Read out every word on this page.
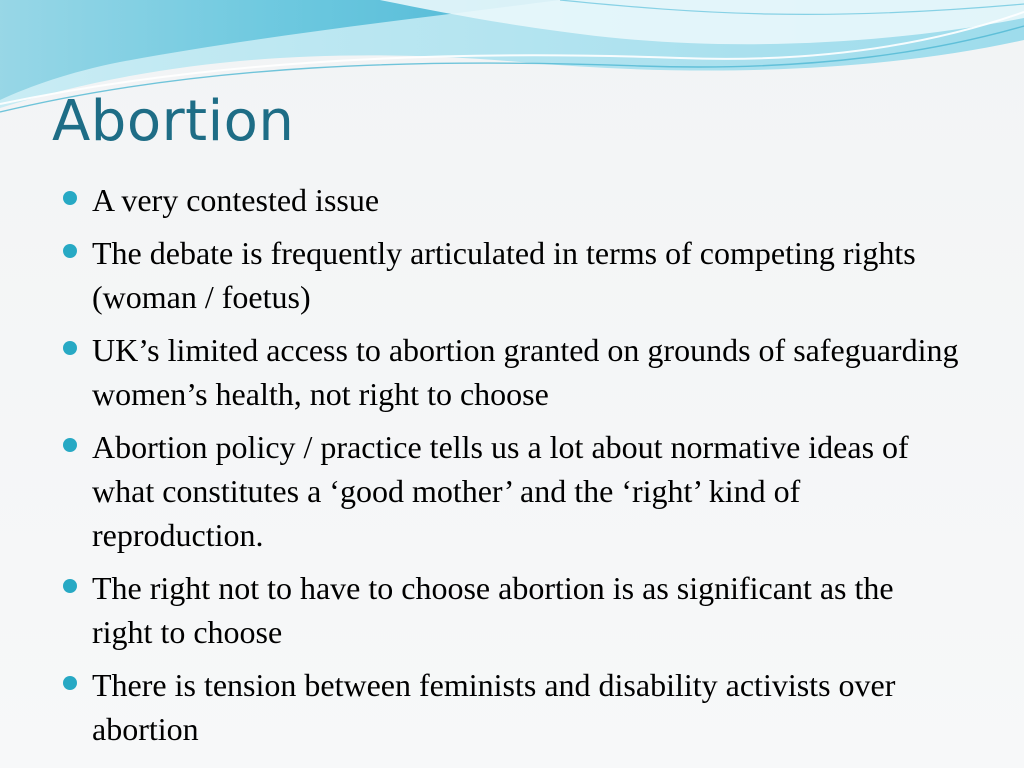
Abortion
A very contested issue
The debate is frequently articulated in terms of competing rights (woman / foetus)
UK’s limited access to abortion granted on grounds of safeguarding women’s health, not right to choose
Abortion policy / practice tells us a lot about normative ideas of what constitutes a ‘good mother’ and the ‘right’ kind of reproduction.
The right not to have to choose abortion is as significant as the right to choose
There is tension between feminists and disability activists over abortion
